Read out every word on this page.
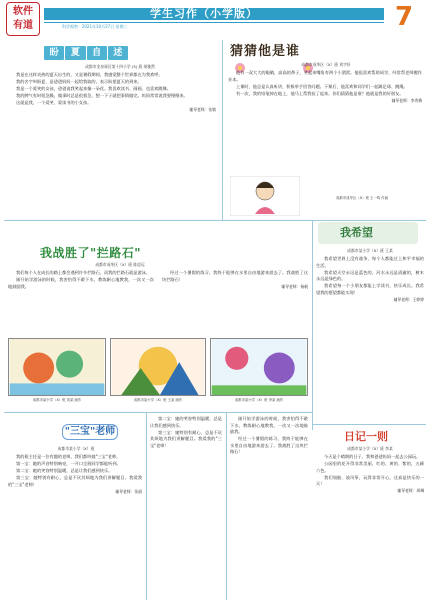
软件 有道
学生习作（小学版）
科学观察 · 2021年10月27日 星期三	7
盼	夏	自	述
成都市龙泉驿区第十四小学 (5) 班 胡雅然

我是在这样炎热的夏天出生的，又是暑假期间，我感觉整个世界都在为我欢呼。

我的名字叫盼夏，是爸爸妈妈一起给我取的，表示盼望夏天的到来。

我是一个爱笑的女孩，爸爸说我笑起来像一朵花。我喜欢读书、画画，也喜欢跳舞。

我的脾气有时很急躁，做事时总是很着急，想一下子就把事情做完。妈妈常常说我要慢慢来。

这就是我，一个爱笑、爱读书的小女孩。

辅导老师：张敏
猜猜他是谁
成都市成华区（X）班 刘宇轩

他有一双大大的眼睛，高高的鼻子，笑起来嘴角有两个小酒窝。他很喜欢帮助同学，经常帮老师搬作业本。

上课时，他总是认真听讲，积极举手回答问题。下课后，他喜欢和同学们一起踢足球、跳绳。

有一次，我的铅笔掉在地上，他马上帮我捡了起来。你们猜猜他是谁？他就是我的好朋友。

辅导老师：李秀梅
成都市成华区（X）班 王一鸣 作画
我战胜了"拦路石"
成都市成华区（X）班 陈思远

我们每个人在成长的路上都会遇到许多拦路石，而我的拦路石就是游泳。

刚开始学游泳的时候，我害怕得不敢下水，教练耐心地教我，一次又一次地鼓励我。

经过一个暑假的练习，我终于能够在水里自由地游来游去了。我战胜了这块拦路石！

辅导老师：杨帆
成都市某小学（X）班 刘某 画作	成都市某小学（X）班 王某 画作	成都市某小学（X）班 李某 画作
我希望
成都市某小学（X）班 王某

我希望世界上没有战争，每个人都能过上和平幸福的生活。

我希望天空永远是蓝色的，河水永远是清澈的，树木永远是绿色的。

我希望每一个小朋友都能上学读书，快乐成长。我希望我的愿望都能实现！

辅导老师：王婷婷
"三宝"老师
成都市某小学（X）班

我的班主任是一位有趣的老师，我们都叫她"三宝"老师。

第一宝：她的声音特别响亮，一开口全班同学都能听到。

第二宝：她的笑容特别温暖，总是让我们感到快乐。

第三宝：她特别有耐心，总是不厌其烦地为我们讲解题目。我爱我的"三宝"老师！

辅导老师：张丽

第二宝：她的笑容特别温暖，总是让我们感到快乐。

第三宝：她特别有耐心，总是不厌其烦地为我们讲解题目。我爱我的"三宝"老师！

刚开始学游泳的时候，我害怕得不敢下水，教练耐心地教我，一次又一次地鼓励我。

经过一个暑假的练习，我终于能够在水里自由地游来游去了。我战胜了这块拦路石！

日记一则
成都市某小学（X）班 李某

今天是个晴朗的日子，我和爸爸妈妈一起去公园玩。

公园里的花开得非常美丽，红的、黄的、紫的，五颜六色。

我们划船、放风筝，玩得非常开心。这真是快乐的一天！

辅导老师：周琳
